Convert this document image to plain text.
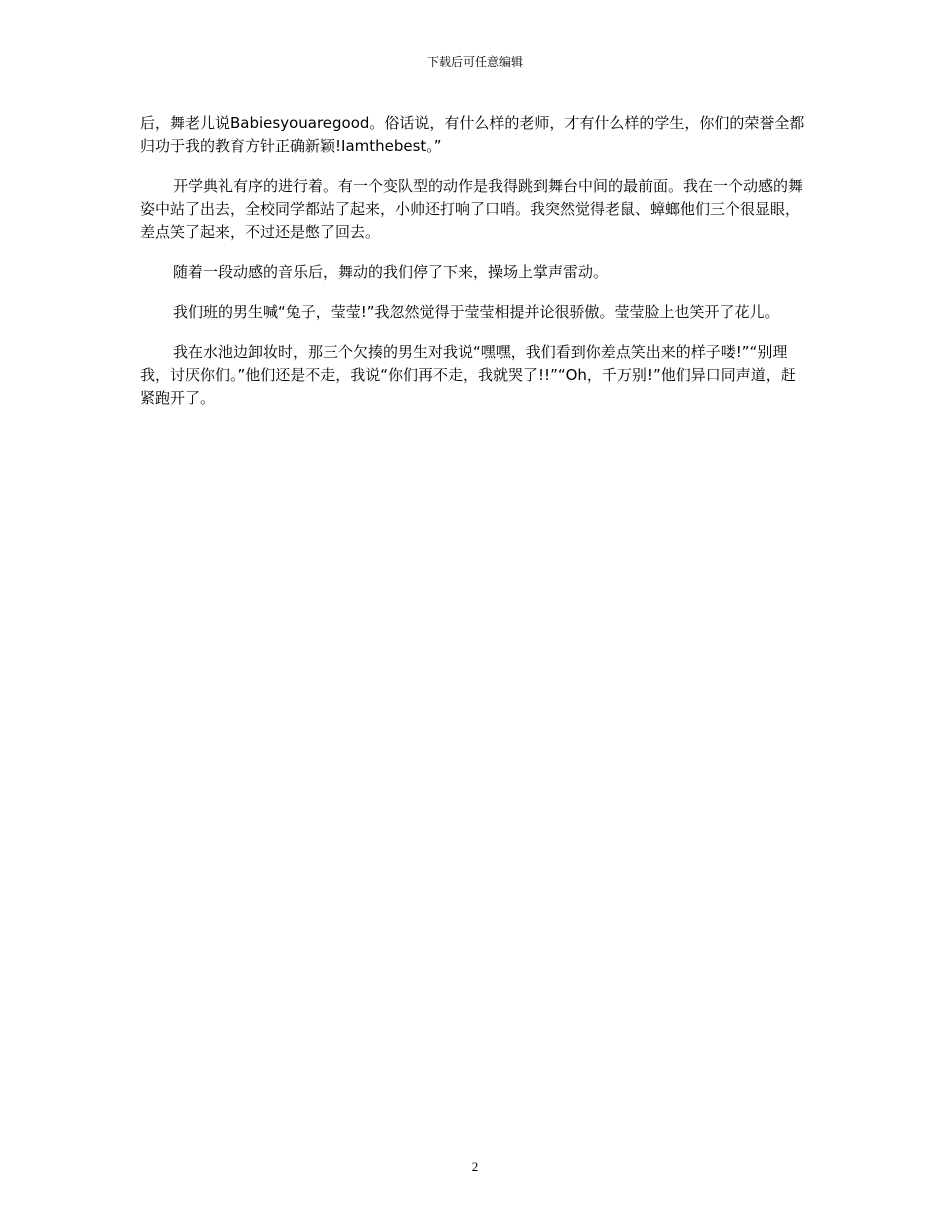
下载后可任意编辑

后，舞老儿说Babiesyouaregood。俗话说，有什么样的老师，才有什么样的学生，你们的荣誉全都归功于我的教育方针正确新颖!Iamthebest。”

开学典礼有序的进行着。有一个变队型的动作是我得跳到舞台中间的最前面。我在一个动感的舞姿中站了出去，全校同学都站了起来，小帅还打响了口哨。我突然觉得老鼠、蟑螂他们三个很显眼，差点笑了起来，不过还是憋了回去。

随着一段动感的音乐后，舞动的我们停了下来，操场上掌声雷动。

我们班的男生喊“兔子，莹莹!”我忽然觉得于莹莹相提并论很骄傲。莹莹脸上也笑开了花儿。

我在水池边卸妆时，那三个欠揍的男生对我说“嘿嘿，我们看到你差点笑出来的样子喽!”“别理我，讨厌你们。”他们还是不走，我说“你们再不走，我就哭了!!”“Oh，千万别!”他们异口同声道，赶紧跑开了。

2
